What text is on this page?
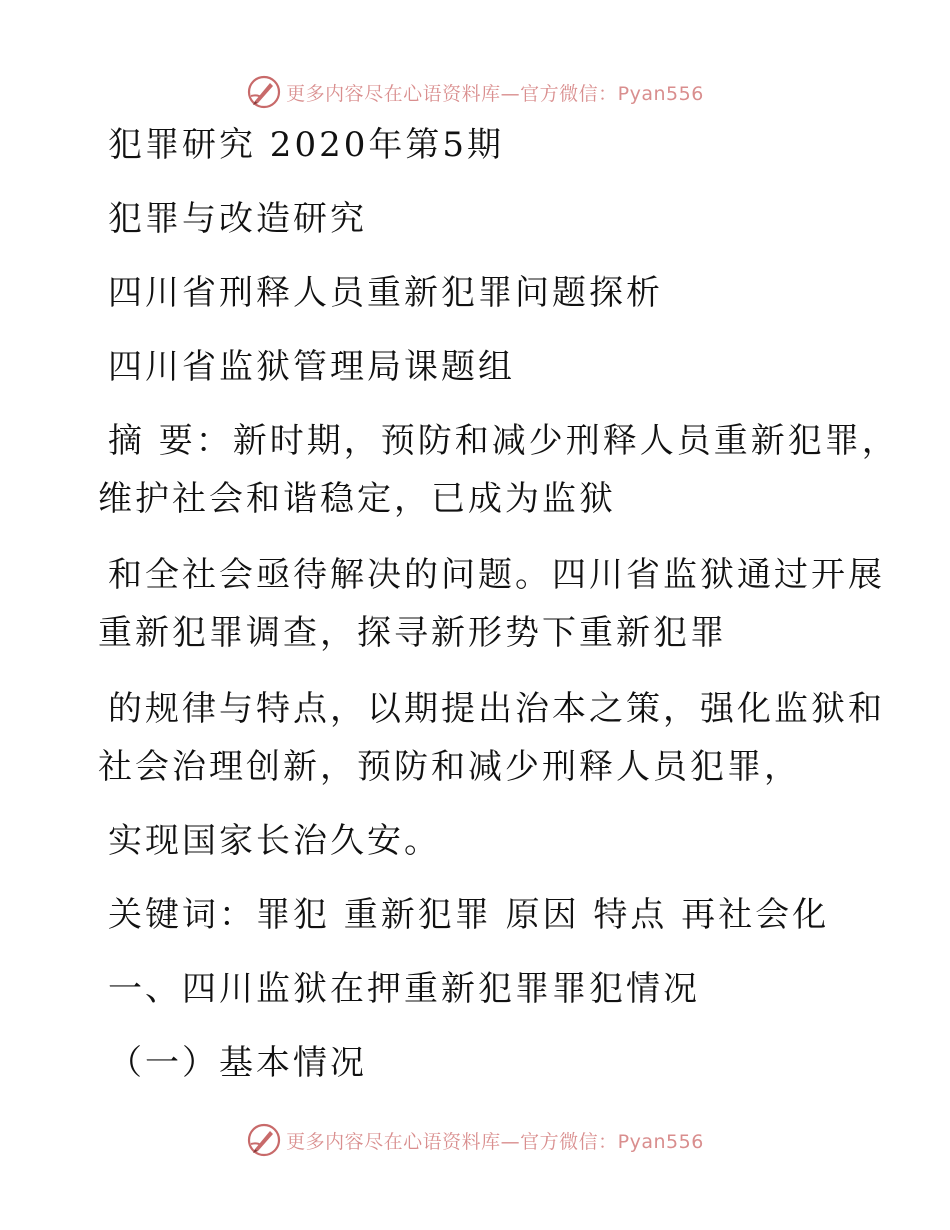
更多内容尽在心语资料库—官方微信：Pyan556
犯罪研究 2020年第5期
犯罪与改造研究
四川省刑释人员重新犯罪问题探析
四川省监狱管理局课题组
摘 要：新时期，预防和减少刑释人员重新犯罪，
维护社会和谐稳定，已成为监狱
和全社会亟待解决的问题。四川省监狱通过开展
重新犯罪调查，探寻新形势下重新犯罪
的规律与特点，以期提出治本之策，强化监狱和
社会治理创新，预防和减少刑释人员犯罪，
实现国家长治久安。
关键词：罪犯 重新犯罪 原因 特点 再社会化
一、四川监狱在押重新犯罪罪犯情况
（一）基本情况
更多内容尽在心语资料库—官方微信：Pyan556
